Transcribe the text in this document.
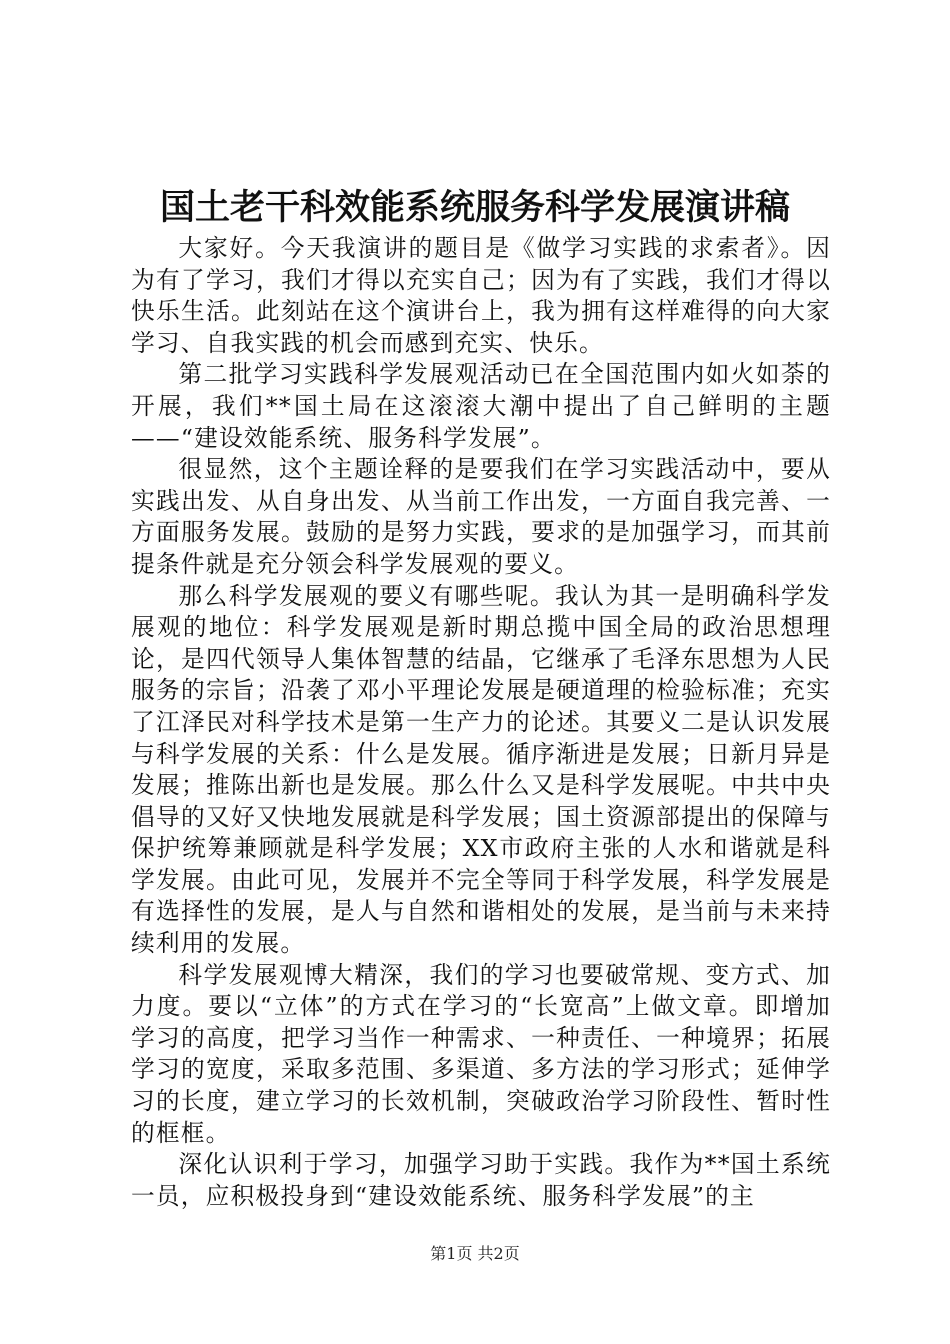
国土老干科效能系统服务科学发展演讲稿

大家好。今天我演讲的题目是《做学习实践的求索者》。因为有了学习，我们才得以充实自己；因为有了实践，我们才得以快乐生活。此刻站在这个演讲台上，我为拥有这样难得的向大家学习、自我实践的机会而感到充实、快乐。

第二批学习实践科学发展观活动已在全国范围内如火如荼的开展，我们**国土局在这滚滚大潮中提出了自己鲜明的主题——“建设效能系统、服务科学发展”。

很显然，这个主题诠释的是要我们在学习实践活动中，要从实践出发、从自身出发、从当前工作出发，一方面自我完善、一方面服务发展。鼓励的是努力实践，要求的是加强学习，而其前提条件就是充分领会科学发展观的要义。

那么科学发展观的要义有哪些呢。我认为其一是明确科学发展观的地位：科学发展观是新时期总揽中国全局的政治思想理论，是四代领导人集体智慧的结晶，它继承了毛泽东思想为人民服务的宗旨；沿袭了邓小平理论发展是硬道理的检验标准；充实了江泽民对科学技术是第一生产力的论述。其要义二是认识发展与科学发展的关系：什么是发展。循序渐进是发展；日新月异是发展；推陈出新也是发展。那么什么又是科学发展呢。中共中央倡导的又好又快地发展就是科学发展；国土资源部提出的保障与保护统筹兼顾就是科学发展；XX市政府主张的人水和谐就是科学发展。由此可见，发展并不完全等同于科学发展，科学发展是有选择性的发展，是人与自然和谐相处的发展，是当前与未来持续利用的发展。

科学发展观博大精深，我们的学习也要破常规、变方式、加力度。要以“立体”的方式在学习的“长宽高”上做文章。即增加学习的高度，把学习当作一种需求、一种责任、一种境界；拓展学习的宽度，采取多范围、多渠道、多方法的学习形式；延伸学习的长度，建立学习的长效机制，突破政治学习阶段性、暂时性的框框。

深化认识利于学习，加强学习助于实践。我作为**国土系统一员，应积极投身到“建设效能系统、服务科学发展”的主

第1页 共2页
